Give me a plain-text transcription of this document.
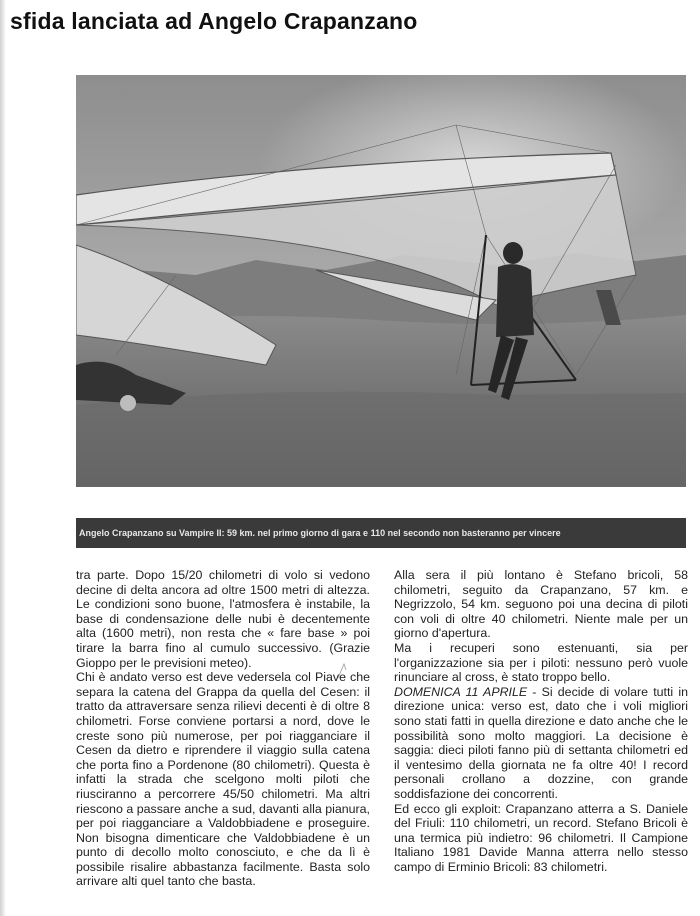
sfida lanciata ad Angelo Crapanzano
Angelo Crapanzano su Vampire II: 59 km. nel primo giorno di gara e 110 nel secondo non basteranno per vincere

tra parte. Dopo 15/20 chilometri di volo si vedono decine di delta ancora ad oltre 1500 metri di altezza. Le condizioni sono buone, l'atmosfera è instabile, la base di condensazione delle nubi è decentemente alta (1600 metri), non resta che « fare base » poi tirare la barra fino al cumulo successivo. (Grazie Gioppo per le previsioni meteo).

Chi è andato verso est deve vedersela col Piave che separa la catena del Grappa da quella del Cesen: il tratto da attraversare senza rilievi decenti è di oltre 8 chilometri. Forse conviene portarsi a nord, dove le creste sono più numerose, per poi riagganciare il Cesen da dietro e riprendere il viaggio sulla catena che porta fino a Pordenone (80 chilometri). Questa è infatti la strada che scelgono molti piloti che riusciranno a percorrere 45/50 chilometri. Ma altri riescono a passare anche a sud, davanti alla pianura, per poi riagganciare a Valdobbiadene e proseguire. Non bisogna dimenticare che Valdobbiadene è un punto di decollo molto conosciuto, e che da lì è possibile risalire abbastanza facilmente. Basta solo arrivare alti quel tanto che basta.

Alla sera il più lontano è Stefano bricoli, 58 chilometri, seguito da Crapanzano, 57 km. e Negrizzolo, 54 km. seguono poi una decina di piloti con voli di oltre 40 chilometri. Niente male per un giorno d'apertura.

Ma i recuperi sono estenuanti, sia per l'organizzazione sia per i piloti: nessuno però vuole rinunciare al cross, è stato troppo bello.

DOMENICA 11 APRILE - Si decide di volare tutti in direzione unica: verso est, dato che i voli migliori sono stati fatti in quella direzione e dato anche che le possibilità sono molto maggiori. La decisione è saggia: dieci piloti fanno più di settanta chilometri ed il ventesimo della giornata ne fa oltre 40! I record personali crollano a dozzine, con grande soddisfazione dei concorrenti.

Ed ecco gli exploit: Crapanzano atterra a S. Daniele del Friuli: 110 chilometri, un record. Stefano Bricoli è una termica più indietro: 96 chilometri. Il Campione Italiano 1981 Davide Manna atterra nello stesso campo di Erminio Bricoli: 83 chilometri.
